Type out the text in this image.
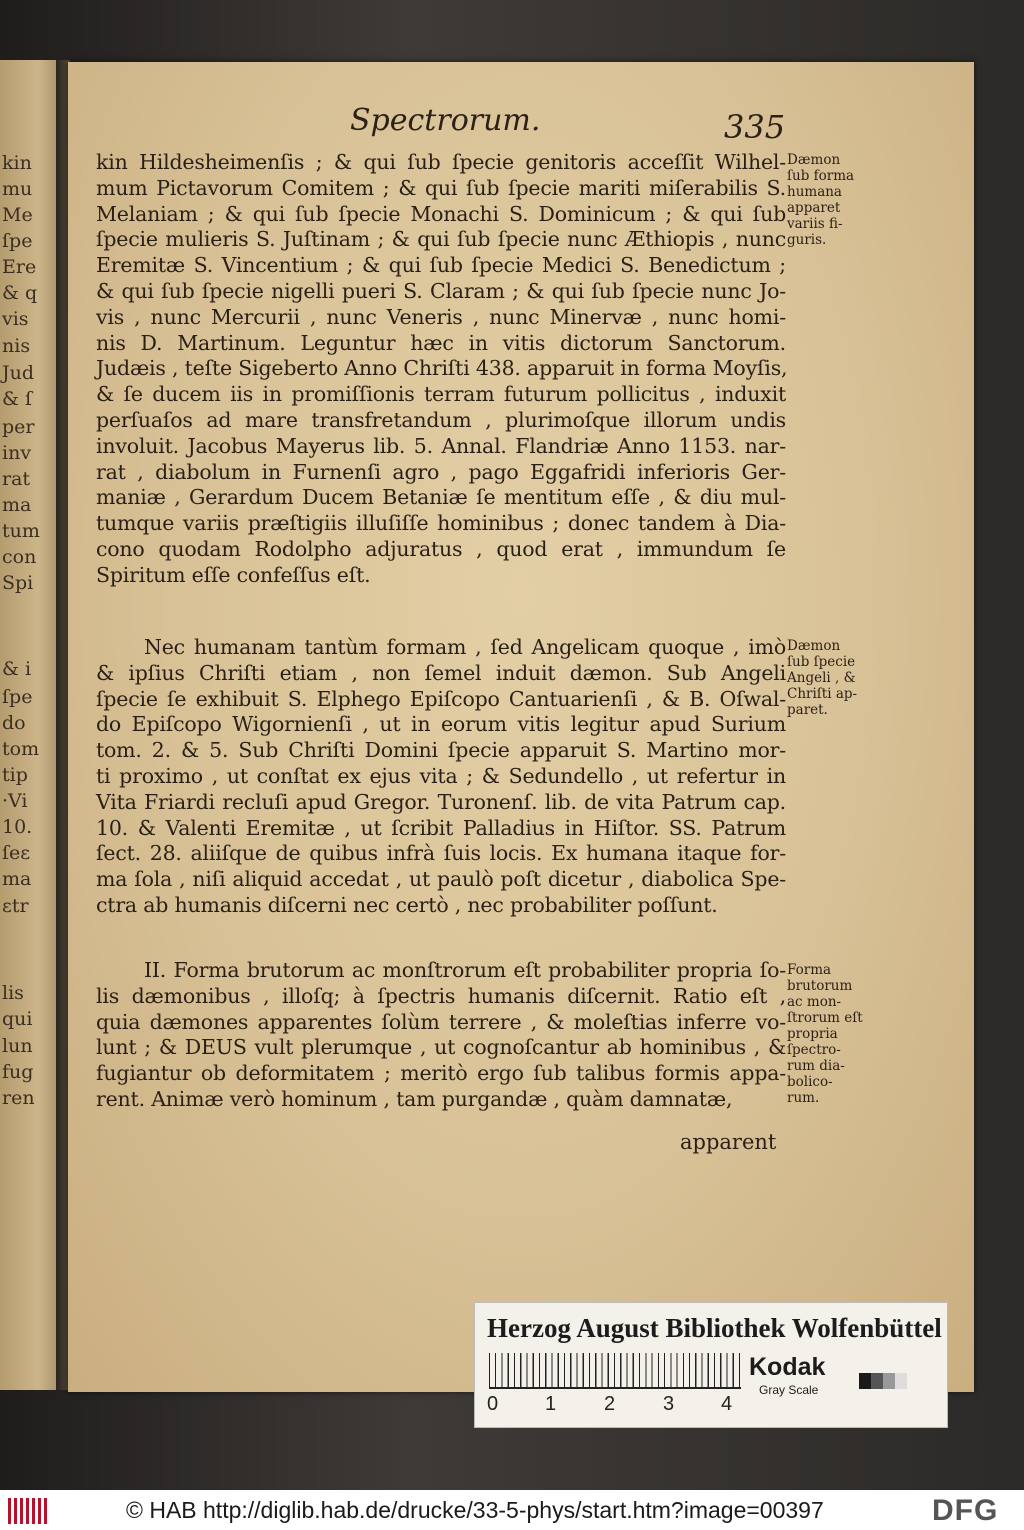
kin
mu
Me
ſpe
Ere
& q
vis
nis
Jud
& ſ
per
inv
rat
ma
tum
con
Spi
& i
ſpe
do
tom
tip
·Vi
10.
ſeɛ
ma
ɛtr
lis
qui
lun
fug
ren
Spectrorum.	335
kin Hildesheimenſis ; & qui ſub ſpecie genitoris acceſſit Wilhel-
mum Pictavorum Comitem ; & qui ſub ſpecie mariti miſerabilis S.
Melaniam ; & qui ſub ſpecie Monachi S. Dominicum ; & qui ſub
ſpecie mulieris S. Juſtinam ; & qui ſub ſpecie nunc Æthiopis , nunc
Eremitæ S. Vincentium ; & qui ſub ſpecie Medici S. Benedictum ;
& qui ſub ſpecie nigelli pueri S. Claram ; & qui ſub ſpecie nunc Jo-
vis , nunc Mercurii , nunc Veneris , nunc Minervæ , nunc homi-
nis D. Martinum. Leguntur hæc in vitis dictorum Sanctorum.
Judæis , teſte Sigeberto Anno Chriſti 438. apparuit in forma Moyſis,
& ſe ducem iis in promiſſionis terram futurum pollicitus , induxit
perſuaſos ad mare transfretandum , plurimoſque illorum undis
involuit. Jacobus Mayerus lib. 5. Annal. Flandriæ Anno 1153. nar-
rat , diabolum in Furnenſi agro , pago Eggafridi inferioris Ger-
maniæ , Gerardum Ducem Betaniæ ſe mentitum eſſe , & diu mul-
tumque variis præſtigiis illuſiſſe hominibus ; donec tandem à Dia-
cono quodam Rodolpho adjuratus , quod erat , immundum ſe
Spiritum eſſe confeſſus eſt.
Nec humanam tantùm formam , ſed Angelicam quoque , imò
& ipſius Chriſti etiam , non ſemel induit dæmon. Sub Angeli
ſpecie ſe exhibuit S. Elphego Epiſcopo Cantuarienſi , & B. Oſwal-
do Epiſcopo Wigornienſi , ut in eorum vitis legitur apud Surium
tom. 2. & 5. Sub Chriſti Domini ſpecie apparuit S. Martino mor-
ti proximo , ut conſtat ex ejus vita ; & Sedundello , ut refertur in
Vita Friardi recluſi apud Gregor. Turonenſ. lib. de vita Patrum cap.
10. & Valenti Eremitæ , ut ſcribit Palladius in Hiſtor. SS. Patrum
ſect. 28. aliiſque de quibus infrà ſuis locis. Ex humana itaque for-
ma ſola , niſi aliquid accedat , ut paulò poſt dicetur , diabolica Spe-
ctra ab humanis diſcerni nec certò , nec probabiliter poſſunt.
II. Forma brutorum ac monſtrorum eſt probabiliter propria ſo-
lis dæmonibus , illoſq; à ſpectris humanis diſcernit. Ratio eſt ,
quia dæmones apparentes ſolùm terrere , & moleſtias inferre vo-
lunt ; & DEUS vult plerumque , ut cognoſcantur ab hominibus , &
fugiantur ob deformitatem ; meritò ergo ſub talibus formis appa-
rent. Animæ verò hominum , tam purgandæ , quàm damnatæ,
apparent
Dæmon
ſub forma
humana
apparet
variis fi-
guris.
Dæmon
ſub ſpecie
Angeli , &
Chriſti ap-
paret.
Forma
brutorum
ac mon-
ſtrorum eſt
propria
ſpectro-
rum dia-
bolico-
rum.
Herzog August Bibliothek Wolfenbüttel
0 1 2 3 4
Kodak
Gray Scale
© HAB http://diglib.hab.de/drucke/33-5-phys/start.htm?image=00397	DFG
